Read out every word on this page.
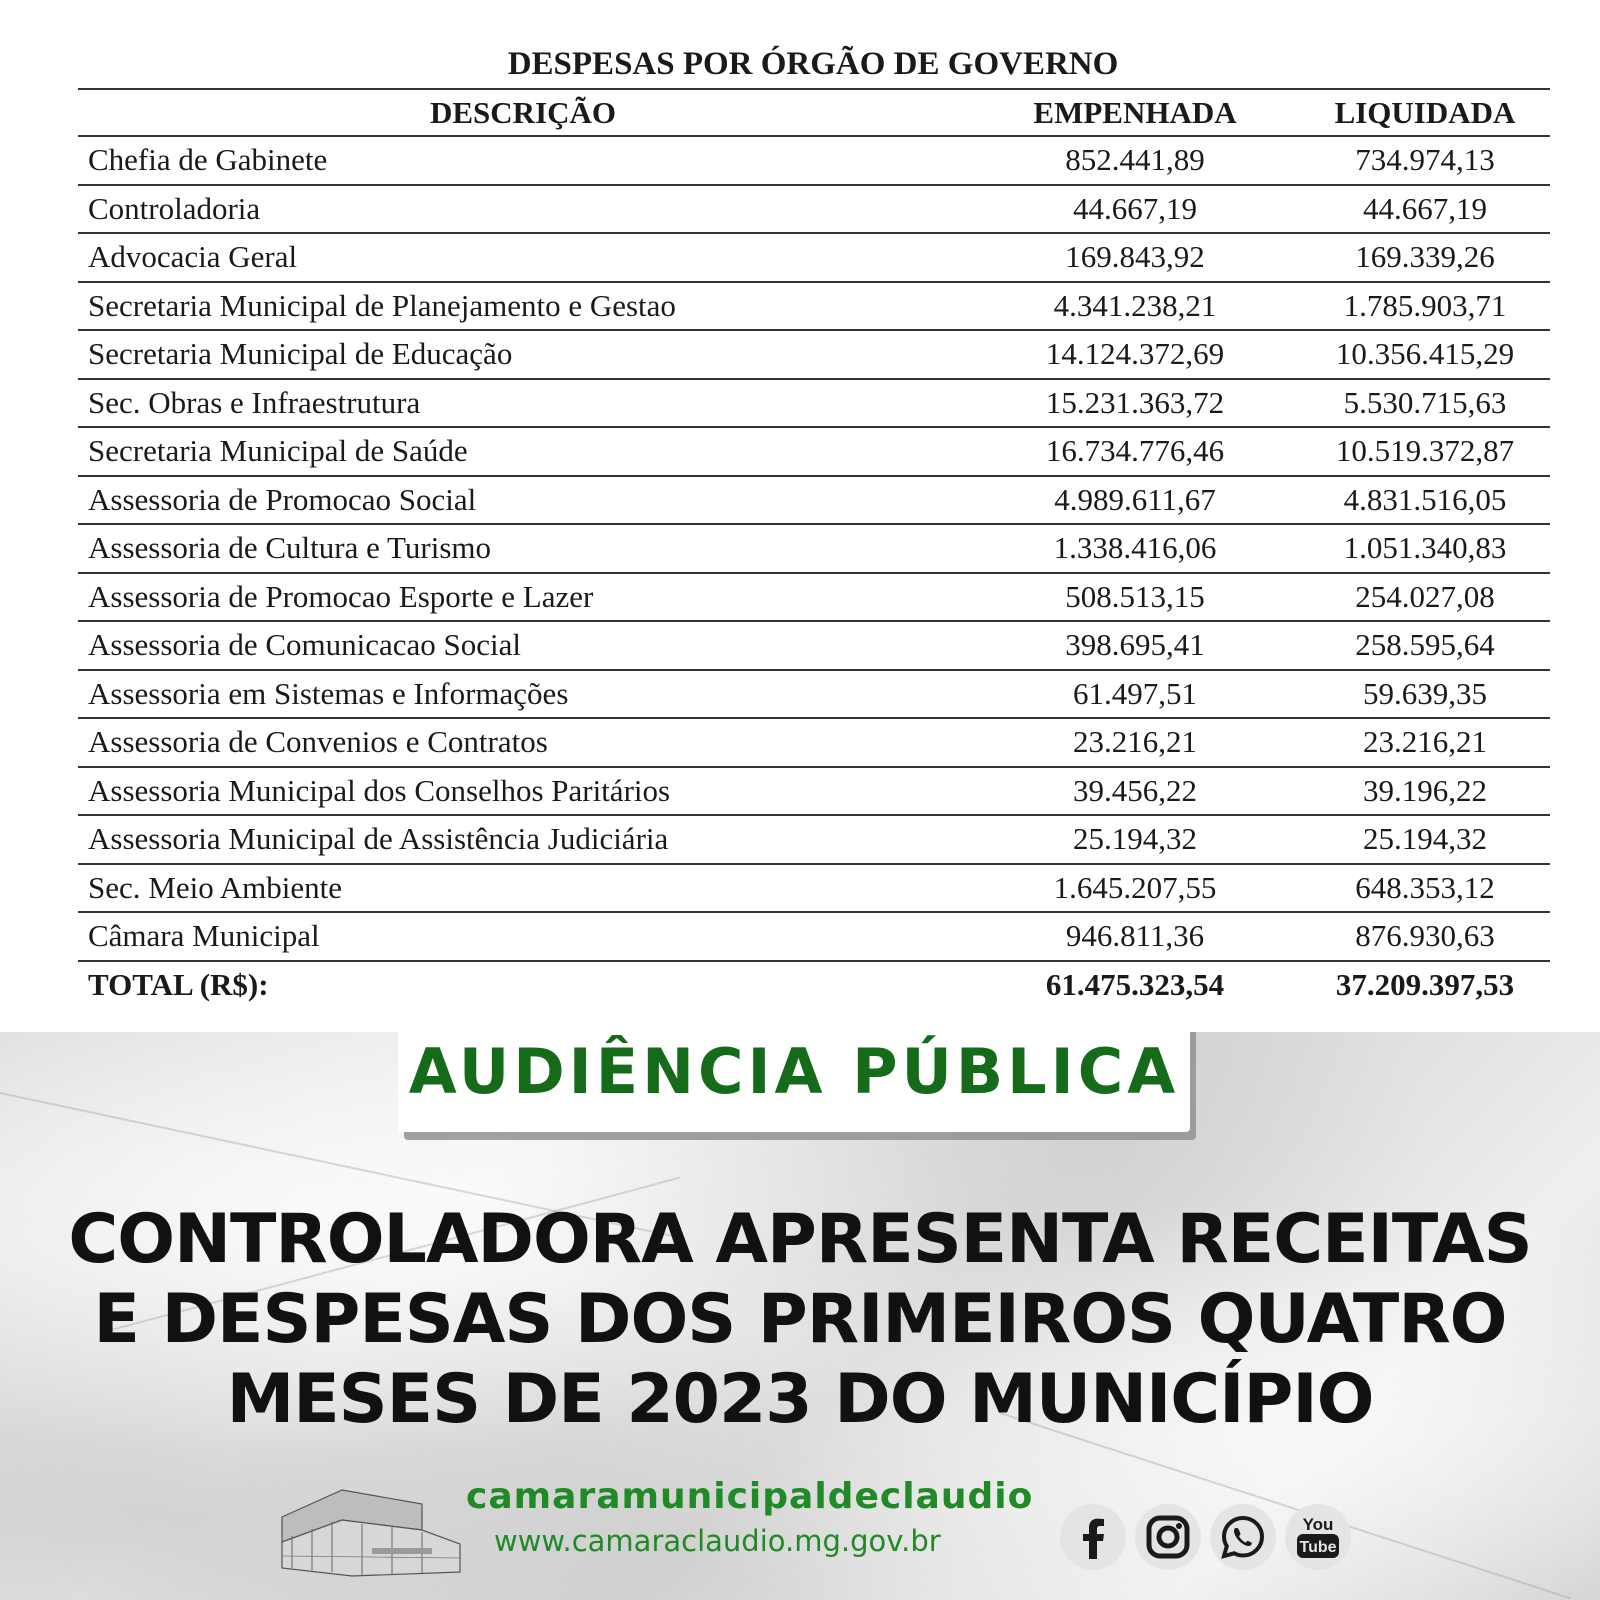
DESPESAS POR ÓRGÃO DE GOVERNO
DESCRIÇÃO	EMPENHADA	LIQUIDADA
Chefia de Gabinete	852.441,89	734.974,13
Controladoria	44.667,19	44.667,19
Advocacia Geral	169.843,92	169.339,26
Secretaria Municipal de Planejamento e Gestao	4.341.238,21	1.785.903,71
Secretaria Municipal de Educação	14.124.372,69	10.356.415,29
Sec. Obras e Infraestrutura	15.231.363,72	5.530.715,63
Secretaria Municipal de Saúde	16.734.776,46	10.519.372,87
Assessoria de Promocao Social	4.989.611,67	4.831.516,05
Assessoria de Cultura e Turismo	1.338.416,06	1.051.340,83
Assessoria de Promocao Esporte e Lazer	508.513,15	254.027,08
Assessoria de Comunicacao Social	398.695,41	258.595,64
Assessoria em Sistemas e Informações	61.497,51	59.639,35
Assessoria de Convenios e Contratos	23.216,21	23.216,21
Assessoria Municipal dos Conselhos Paritários	39.456,22	39.196,22
Assessoria Municipal de Assistência Judiciária	25.194,32	25.194,32
Sec. Meio Ambiente	1.645.207,55	648.353,12
Câmara Municipal	946.811,36	876.930,63
TOTAL (R$):	61.475.323,54	37.209.397,53
AUDIÊNCIA PÚBLICA
CONTROLADORA APRESENTA RECEITAS
E DESPESAS DOS PRIMEIROS QUATRO
MESES DE 2023 DO MUNICÍPIO
camaramunicipaldeclaudio
www.camaraclaudio.mg.gov.br	You
Tube
